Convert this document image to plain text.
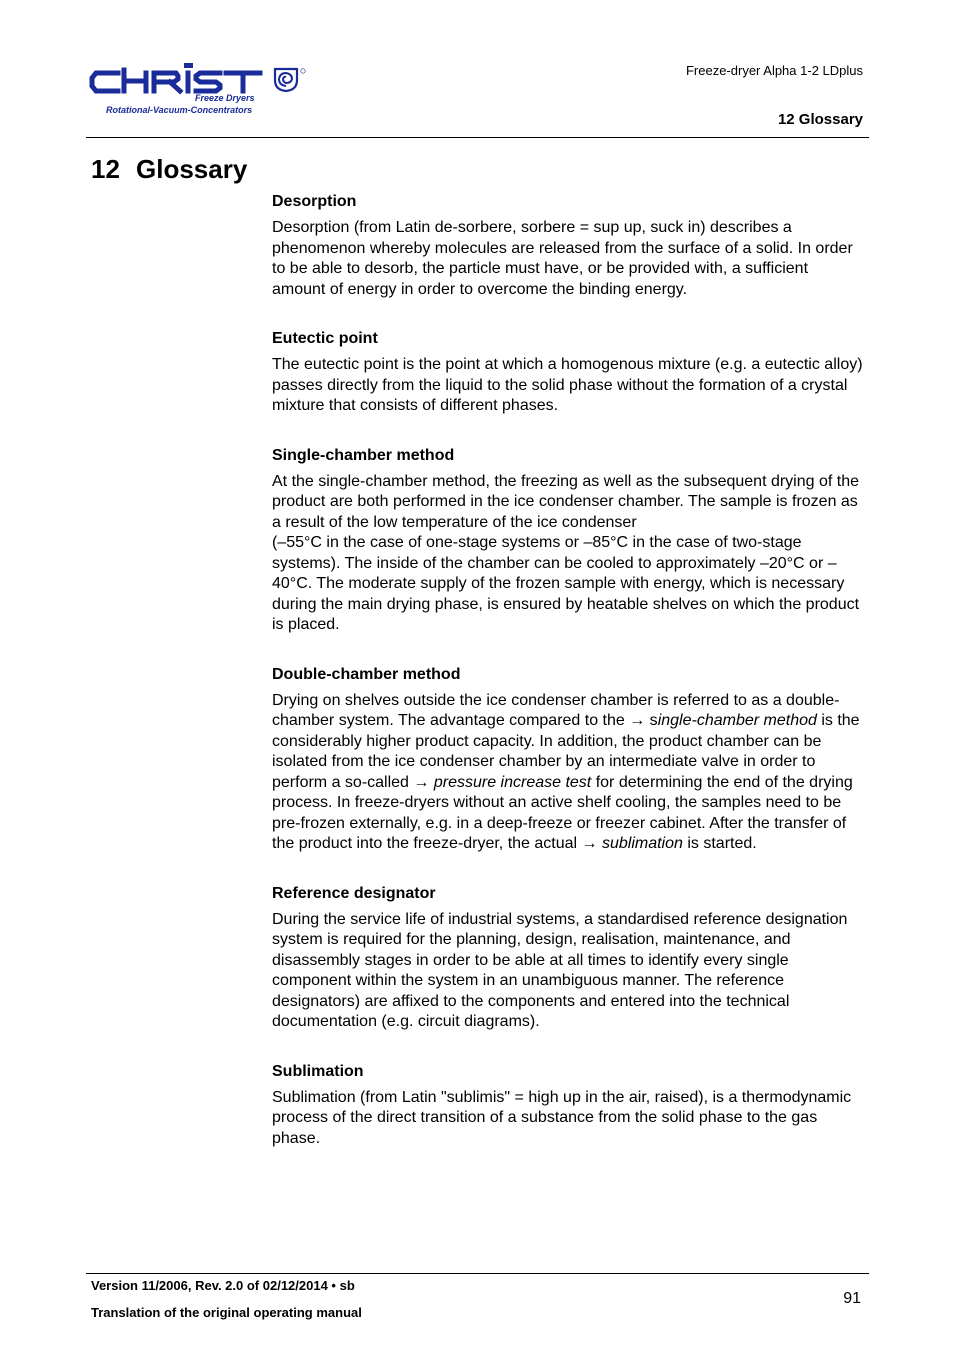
Freeze Dryers
Rotational-Vacuum-Concentrators
Freeze-dryer Alpha 1-2 LDplus
12 Glossary
12 Glossary
Desorption
Desorption (from Latin de-sorbere, sorbere = sup up, suck in) describes a phenomenon whereby molecules are released from the surface of a solid. In order to be able to desorb, the particle must have, or be provided with, a sufficient amount of energy in order to overcome the binding energy.
Eutectic point
The eutectic point is the point at which a homogenous mixture (e.g. a eutectic alloy) passes directly from the liquid to the solid phase without the formation of a crystal mixture that consists of different phases.
Single-chamber method

At the single-chamber method, the freezing as well as the subsequent drying of the product are both performed in the ice condenser chamber. The sample is frozen as a result of the low temperature of the ice condenser

(–55°C in the case of one-stage systems or –85°C in the case of two-stage systems). The inside of the chamber can be cooled to approximately –20°C or –40°C. The moderate supply of the frozen sample with energy, which is necessary during the main drying phase, is ensured by heatable shelves on which the product is placed.

Double-chamber method
Drying on shelves outside the ice condenser chamber is referred to as a double-chamber system. The advantage compared to the → single-chamber method is the considerably higher product capacity. In addition, the product chamber can be isolated from the ice condenser chamber by an intermediate valve in order to perform a so-called → pressure increase test for determining the end of the drying process. In freeze-dryers without an active shelf cooling, the samples need to be pre-frozen externally, e.g. in a deep-freeze or freezer cabinet. After the transfer of the product into the freeze-dryer, the actual → sublimation is started.
Reference designator
During the service life of industrial systems, a standardised reference designation system is required for the planning, design, realisation, maintenance, and disassembly stages in order to be able at all times to identify every single component within the system in an unambiguous manner. The reference designators) are affixed to the components and entered into the technical documentation (e.g. circuit diagrams).
Sublimation
Sublimation (from Latin "sublimis" = high up in the air, raised), is a thermodynamic process of the direct transition of a substance from the solid phase to the gas phase.
Version 11/2006, Rev. 2.0 of 02/12/2014 • sb
Translation of the original operating manual
91
